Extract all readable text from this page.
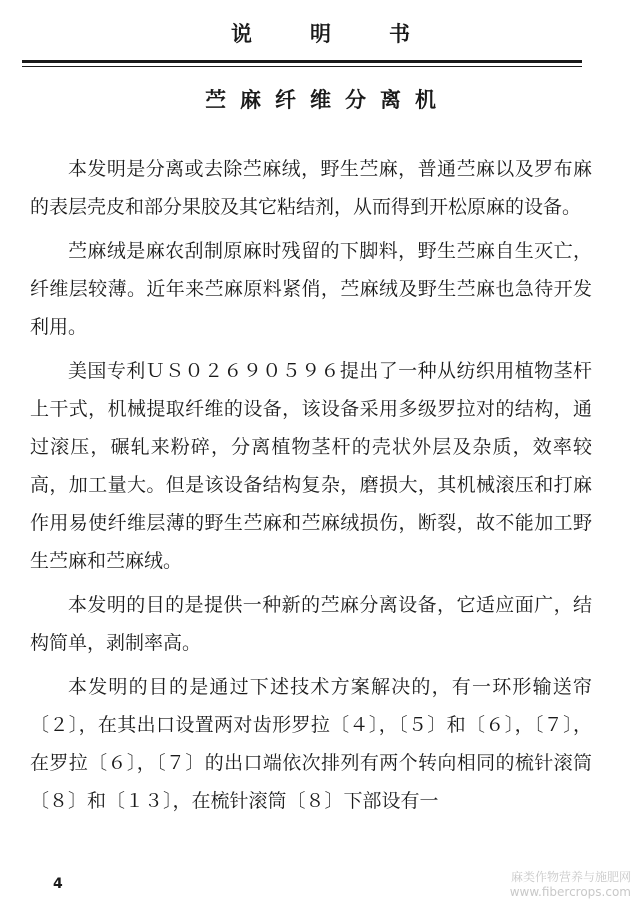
说明书
苎麻纤维分离机

本发明是分离或去除苎麻绒，野生苎麻，普通苎麻以及罗布麻的表层壳皮和部分果胶及其它粘结剂，从而得到开松原麻的设备。

苎麻绒是麻农刮制原麻时残留的下脚料，野生苎麻自生灭亡，纤维层较薄。近年来苎麻原料紧俏，苎麻绒及野生苎麻也急待开发利用。

美国专利ＵＳ０２６９０５９６提出了一种从纺织用植物茎杆上干式，机械提取纤维的设备，该设备采用多级罗拉对的结构，通过滚压，碾轧来粉碎，分离植物茎杆的壳状外层及杂质，效率较高，加工量大。但是该设备结构复杂，磨损大，其机械滚压和打麻作用易使纤维层薄的野生苎麻和苎麻绒损伤，断裂，故不能加工野生苎麻和苎麻绒。

本发明的目的是提供一种新的苎麻分离设备，它适应面广，结构简单，剥制率高。

本发明的目的是通过下述技术方案解决的，有一环形输送帘〔２〕，在其出口设置两对齿形罗拉〔４〕，〔５〕和〔６〕，〔７〕，在罗拉〔６〕，〔７〕的出口端依次排列有两个转向相同的梳针滚筒〔８〕和〔１３〕，在梳针滚筒〔８〕下部设有一

4	麻类作物营养与施肥网
www.fibercrops.com
